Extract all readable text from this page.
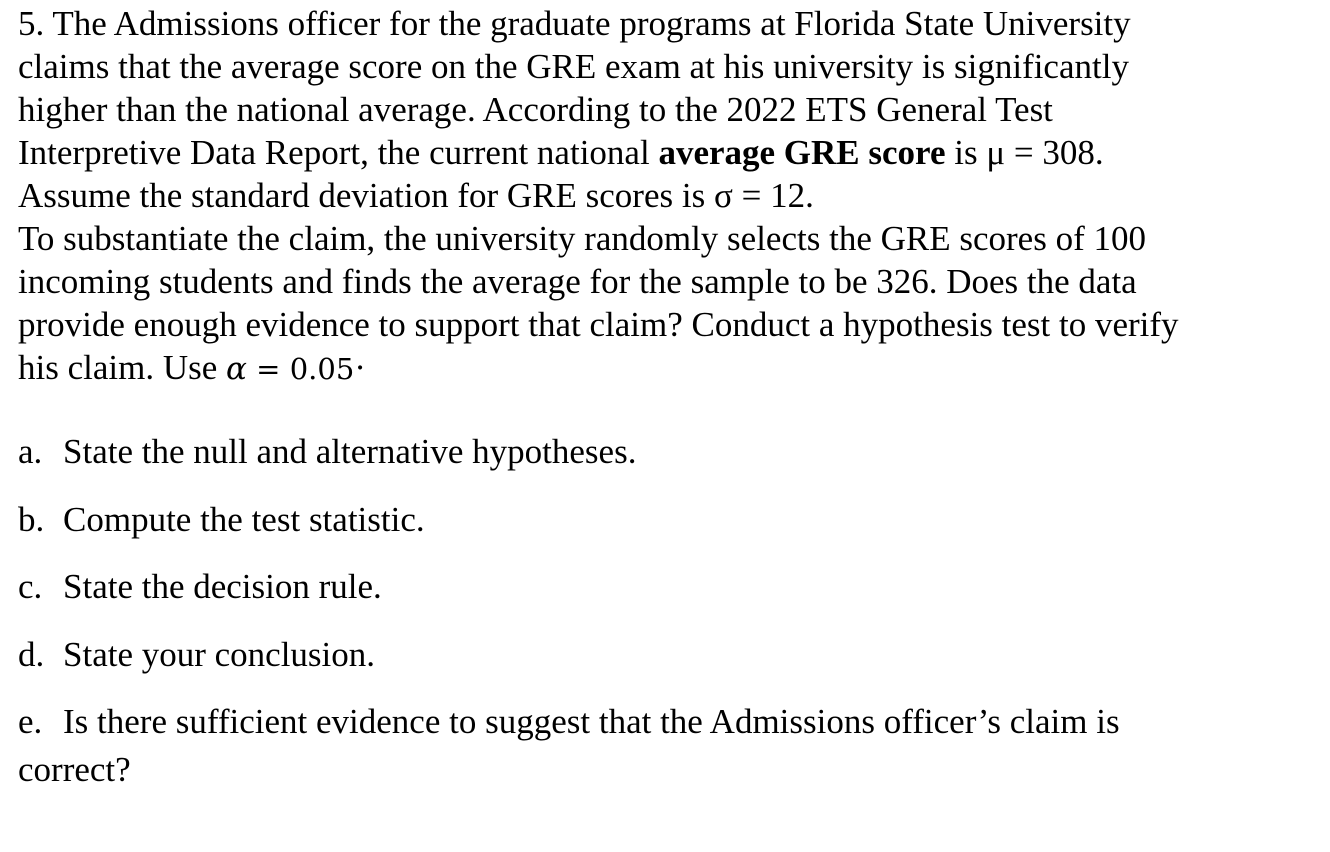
5. The Admissions officer for the graduate programs at Florida State University

claims that the average score on the GRE exam at his university is significantly

higher than the national average. According to the 2022 ETS General Test

Interpretive Data Report, the current national average GRE score is μ = 308.

Assume the standard deviation for GRE scores is σ = 12.

To substantiate the claim, the university randomly selects the GRE scores of 100

incoming students and finds the average for the sample to be 326. Does the data

provide enough evidence to support that claim? Conduct a hypothesis test to verify

his claim. Use α = 0.05·

a. State the null and alternative hypotheses.
b. Compute the test statistic.
c. State the decision rule.
d. State your conclusion.
e. Is there sufficient evidence to suggest that the Admissions officer’s claim is
correct?
